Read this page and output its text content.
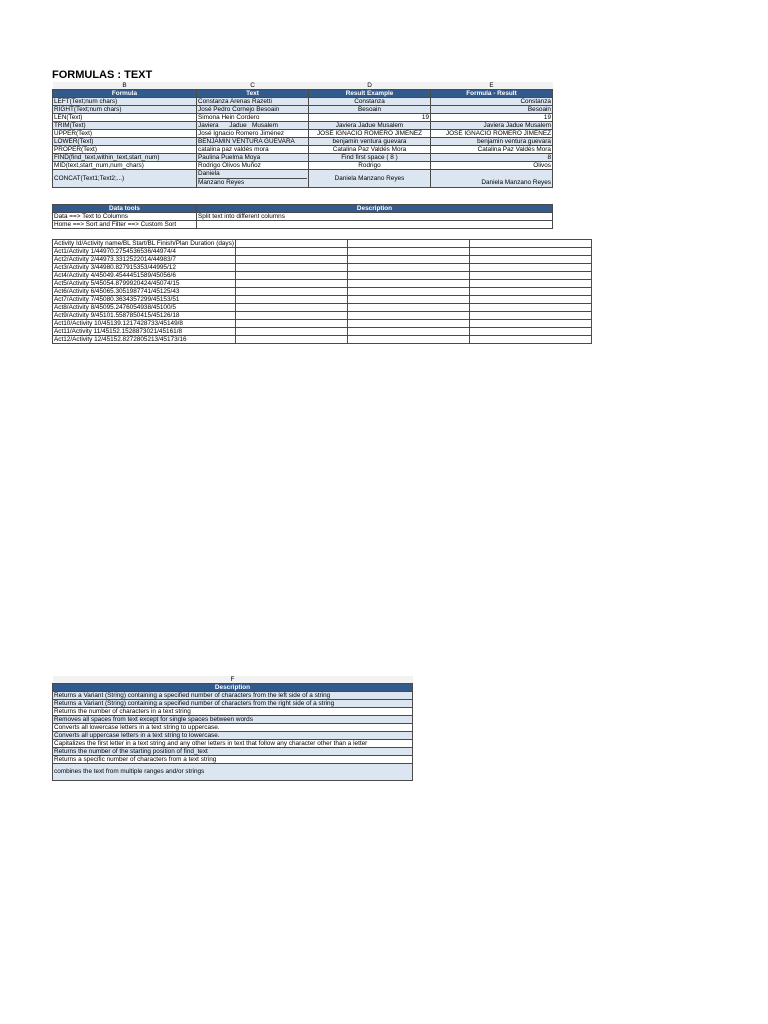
FORMULAS : TEXT
B	C	D	E
Formula	Text	Result Example	Formula - Result
LEFT(Text;num chars)	Constanza Arenas Razetti	Constanza	Constanza
RIGHT(Text;num chars)	José Pedro Cornejo Besoain	Besoain	Besoain
LEN(Text)	Simona Hein Cordero	19	19
TRIM(Text)	Javiera      Jadue   Musalem	Javiera Jadue Musalem	Javiera Jadue Musalem
UPPER(Text)	José Ignacio Romero Jiménez	JOSÉ IGNACIO ROMERO JIMÉNEZ	JOSÉ IGNACIO ROMERO JIMÉNEZ
LOWER(Text)	BENJAMIN VENTURA GUEVARA	benjamin ventura guevara	benjamin ventura guevara
PROPER(Text)	catalina paz valdés mora	Catalina Paz Valdés Mora	Catalina Paz Valdés Mora
FIND(find_text,within_text,start_num)	Paulina Puelma Moya	Find first space ( 8 )	8
MID(text,start_num,num_chars)	Rodrigo Olivos Muñoz	Rodrigo	Olivos
CONCAT(Text1;Text2;...)	Daniela
Manzano Reyes	Daniela Manzano Reyes	Daniela Manzano Reyes
Data tools	Description
Data ==> Text to Columns	Split text into different columns
Home ==> Sort and Filter ==> Custom Sort	
Activity Id/Activity name/BL Start/BL Finish/Plan Duration (days)			
Act1/Activity 1/44970.2754536536/44974/4			
Act2/Activity 2/44973.3312522014/44983/7			
Act3/Activity 3/44980.827915353/44995/12			
Act4/Activity 4/45049.4544451589/45056/6			
Act5/Activity 5/45054.8799920424/45074/15			
Act6/Activity 6/45065.3051987741/45125/43			
Act7/Activity 7/45080.3634357299/45153/51			
Act8/Activity 8/45095.2476054938/45100/5			
Act9/Activity 9/45101.5587850415/45126/18			
Act10/Activity 10/45139.1217428733/45149/8			
Act11/Activity 11/45152.1528873021/45161/8			
Act12/Activity 12/45152.8272805213/45173/16			
F
Description
Returns a Variant (String) containing a specified number of characters from the left side of a string
Returns a Variant (String) containing a specified number of characters from the right side of a string
Returns the number of characters in a text string
Removes all spaces from text except for single spaces between words
Converts all lowercase letters in a text string to uppercase.
Converts all uppercase letters in a text string to lowercase.
Capitalizes the first letter in a text string and any other letters in text that follow any character other than a letter
Returns the number of the starting position of find_text
Returns a specific number of characters from a text string
combines the text from multiple ranges and/or strings
